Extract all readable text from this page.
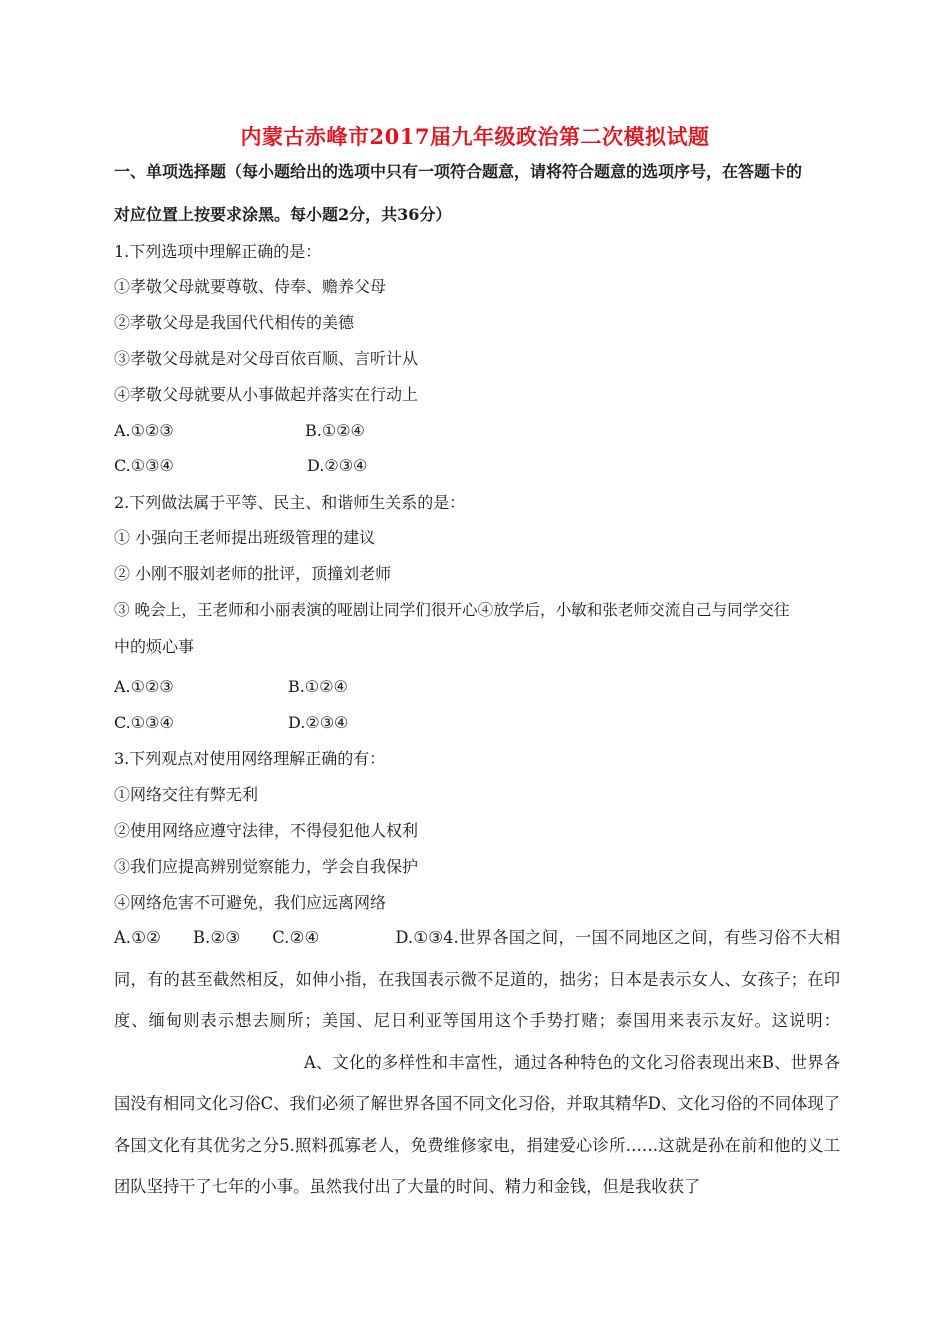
内蒙古赤峰市2017届九年级政治第二次模拟试题
一、单项选择题（每小题给出的选项中只有一项符合题意，请将符合题意的选项序号，在答题卡的
对应位置上按要求涂黑。每小题2分，共36分）
1.下列选项中理解正确的是：
①孝敬父母就要尊敬、侍奉、赡养父母
②孝敬父母是我国代代相传的美德
③孝敬父母就是对父母百依百顺、言听计从
④孝敬父母就要从小事做起并落实在行动上
A.①②③	B.①②④
C.①③④	D.②③④
2.下列做法属于平等、民主、和谐师生关系的是：
① 小强向王老师提出班级管理的建议
② 小刚不服刘老师的批评，顶撞刘老师
③ 晚会上，王老师和小丽表演的哑剧让同学们很开心④放学后，小敏和张老师交流自己与同学交往
中的烦心事
A.①②③	B.①②④
C.①③④	D.②③④
3.下列观点对使用网络理解正确的有：
①网络交往有弊无利
②使用网络应遵守法律，不得侵犯他人权利
③我们应提高辨别觉察能力，学会自我保护
④网络危害不可避免，我们应远离网络
A.①② B.②③ C.②④	D.①③4.世界各国之间，一国不同地区之间，有些习俗不大相同，有的甚至截然相反，如伸小指，在我国表示微不足道的，拙劣；日本是表示女人、女孩子；在印度、缅甸则表示想去厕所；美国、尼日利亚等国用这个手势打赌；泰国用来表示友好。这说明：A、文化的多样性和丰富性，通过各种特色的文化习俗表现出来B、世界各国没有相同文化习俗C、我们必须了解世界各国不同文化习俗，并取其精华D、文化习俗的不同体现了各国文化有其优劣之分5.照料孤寡老人，免费维修家电，捐建爱心诊所……这就是孙在前和他的义工团队坚持干了七年的小事。虽然我付出了大量的时间、精力和金钱，但是我收获了
